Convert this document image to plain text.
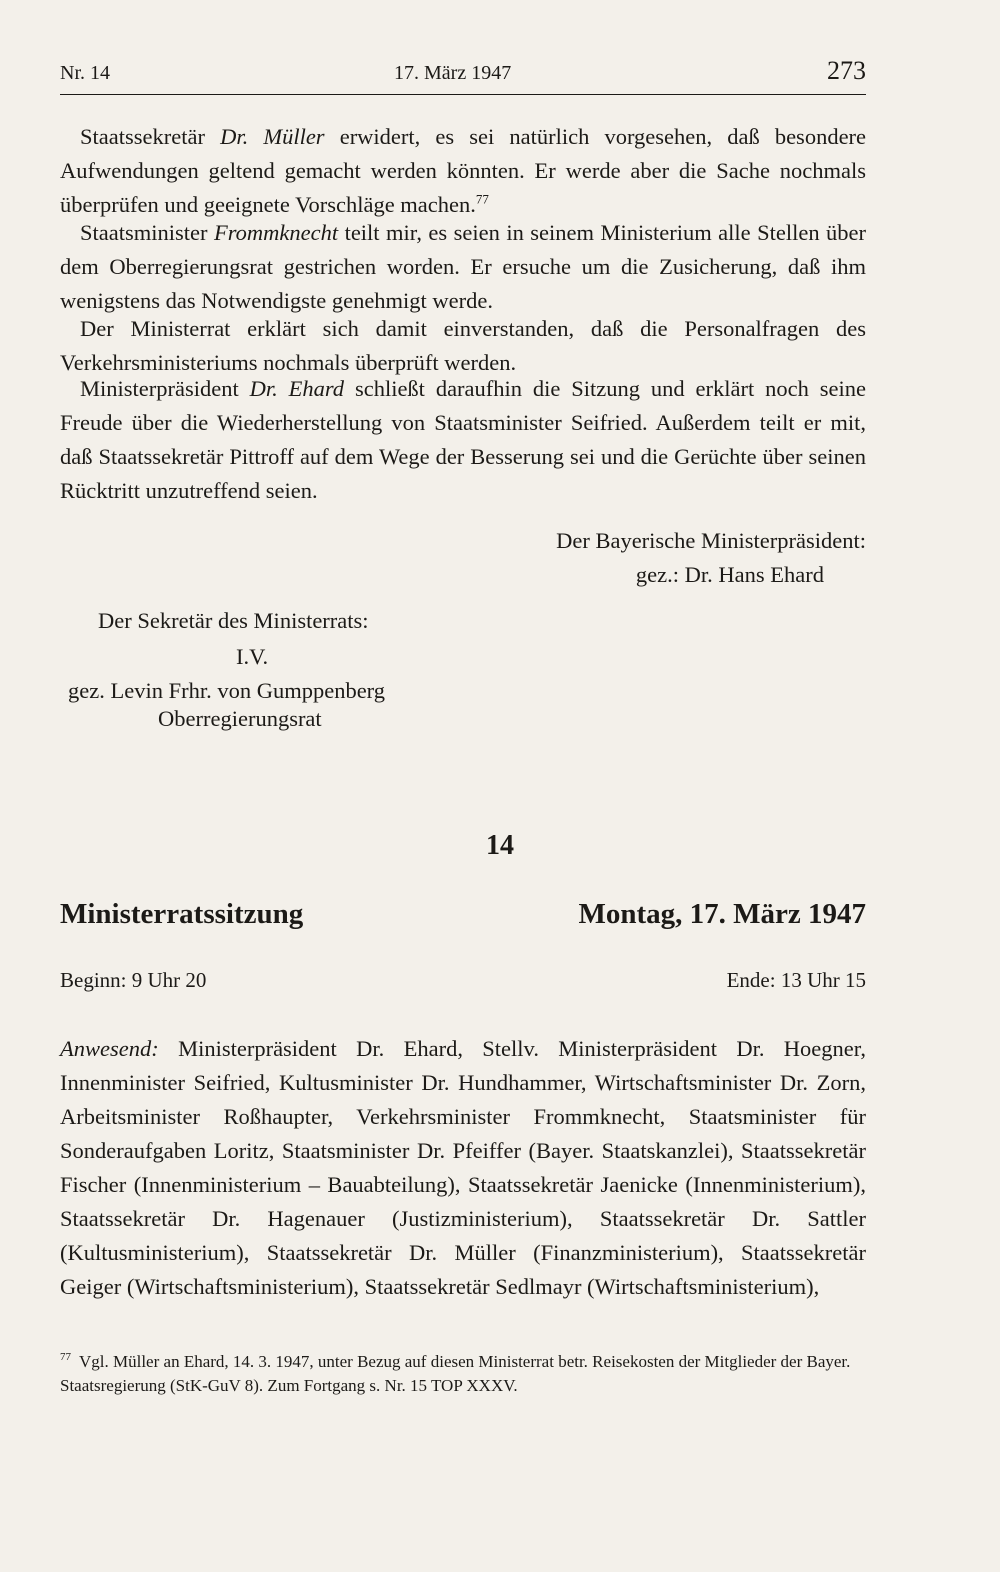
Nr. 14	17. März 1947	273

Staatssekretär Dr. Müller erwidert, es sei natürlich vorgesehen, daß besondere Aufwendungen geltend gemacht werden könnten. Er werde aber die Sache nochmals überprüfen und geeignete Vorschläge machen.$^{77}$

Staatsminister Frommknecht teilt mir, es seien in seinem Ministerium alle Stellen über dem Oberregierungsrat gestrichen worden. Er ersuche um die Zusicherung, daß ihm wenigstens das Notwendigste genehmigt werde.

Der Ministerrat erklärt sich damit einverstanden, daß die Personalfragen des Verkehrsministeriums nochmals überprüft werden.

Ministerpräsident Dr. Ehard schließt daraufhin die Sitzung und erklärt noch seine Freude über die Wiederherstellung von Staatsminister Seifried. Außerdem teilt er mit, daß Staatssekretär Pittroff auf dem Wege der Besserung sei und die Gerüchte über seinen Rücktritt unzutreffend seien.

Der Bayerische Ministerpräsident:
gez.: Dr. Hans Ehard
Der Sekretär des Ministerrats:
I.V.
gez. Levin Frhr. von Gumppenberg
Oberregierungsrat
14
Ministerratssitzung	Montag, 17. März 1947
Beginn: 9 Uhr 20	Ende: 13 Uhr 15

Anwesend: Ministerpräsident Dr. Ehard, Stellv. Ministerpräsident Dr. Hoegner, Innenminister Seifried, Kultusminister Dr. Hundhammer, Wirtschaftsminister Dr. Zorn, Arbeitsminister Roßhaupter, Verkehrsminister Frommknecht, Staatsminister für Sonderaufgaben Loritz, Staatsminister Dr. Pfeiffer (Bayer. Staatskanzlei), Staatssekretär Fischer (Innenministerium – Bauabteilung), Staatssekretär Jaenicke (Innenministerium), Staatssekretär Dr. Hagenauer (Justizministerium), Staatssekretär Dr. Sattler (Kultusministerium), Staatssekretär Dr. Müller (Finanzministerium), Staatssekretär Geiger (Wirtschaftsministerium), Staatssekretär Sedlmayr (Wirtschaftsministerium),

$^{77}$ Vgl. Müller an Ehard, 14. 3. 1947, unter Bezug auf diesen Ministerrat betr. Reisekosten der Mitglieder der Bayer. Staatsregierung (StK-GuV 8). Zum Fortgang s. Nr. 15 TOP XXXV.
